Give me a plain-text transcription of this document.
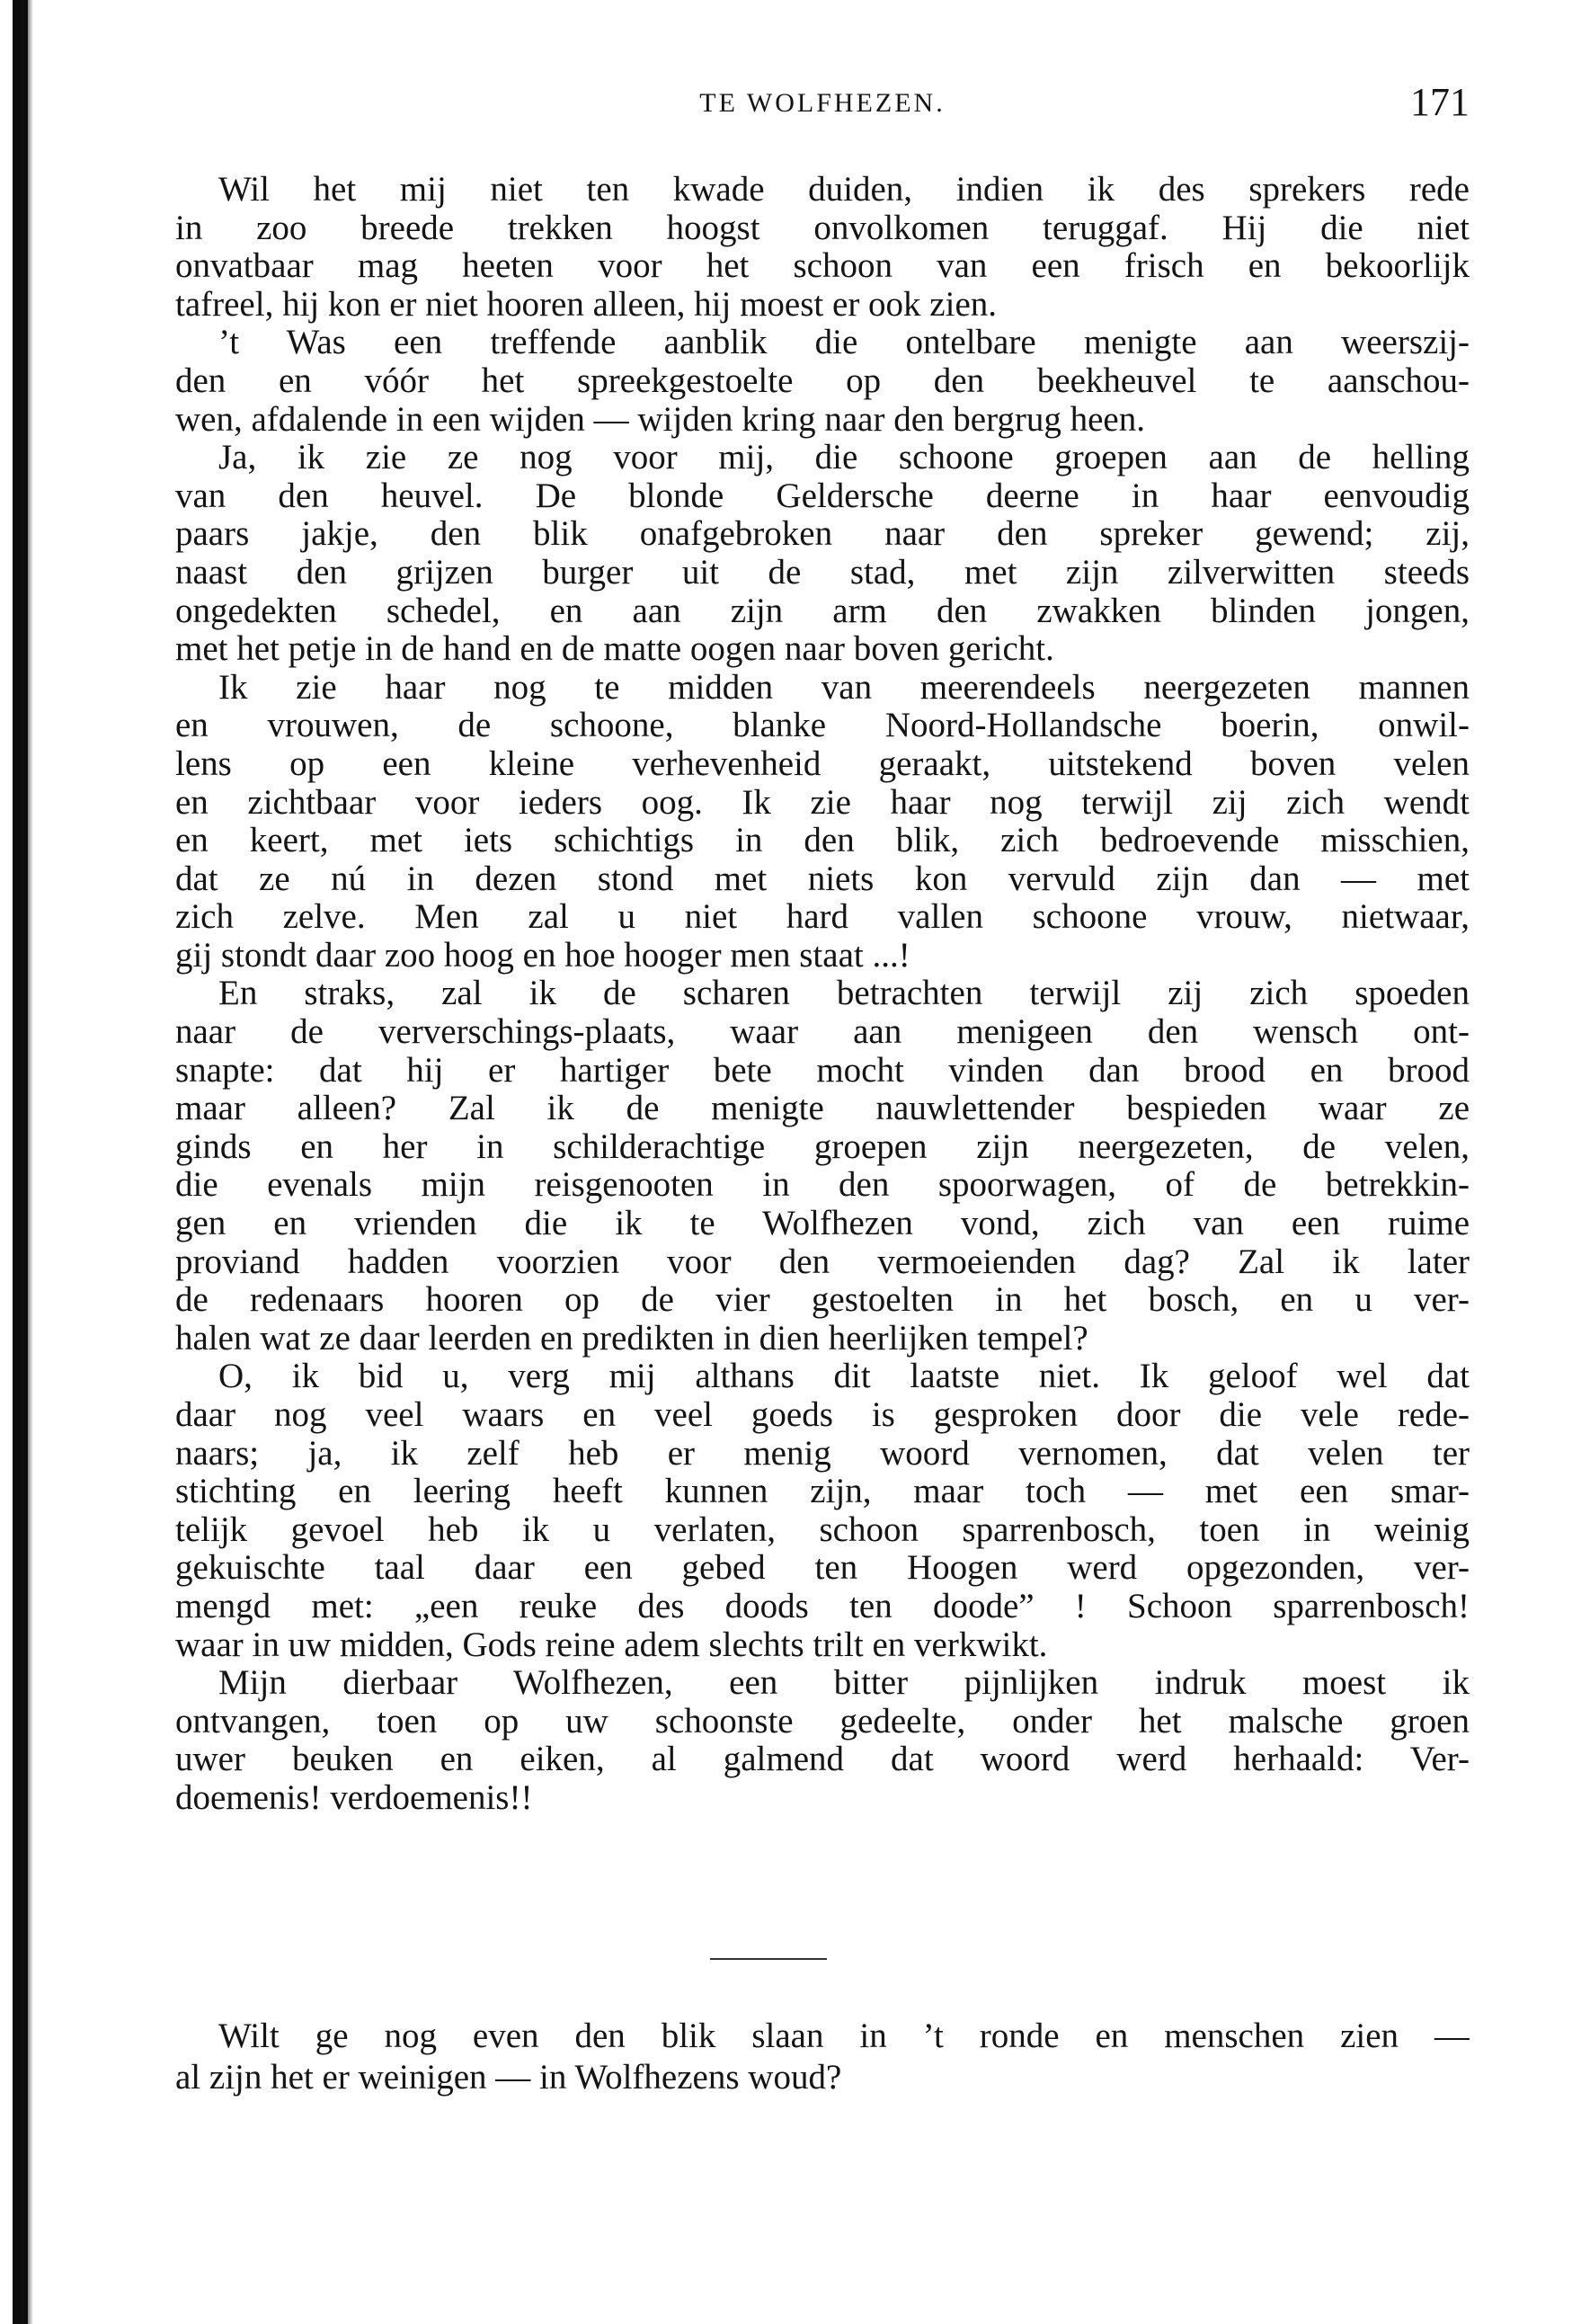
TE WOLFHEZEN.	171
Wil het mij niet ten kwade duiden, indien ik des sprekers rede
in zoo breede trekken hoogst onvolkomen teruggaf. Hij die niet
onvatbaar mag heeten voor het schoon van een frisch en bekoorlijk
tafreel, hij kon er niet hooren alleen, hij moest er ook zien.
’t Was een treffende aanblik die ontelbare menigte aan weerszij-
den en vóór het spreekgestoelte op den beekheuvel te aanschou-
wen, afdalende in een wijden — wijden kring naar den bergrug heen.
Ja, ik zie ze nog voor mij, die schoone groepen aan de helling
van den heuvel. De blonde Geldersche deerne in haar eenvoudig
paars jakje, den blik onafgebroken naar den spreker gewend; zij,
naast den grijzen burger uit de stad, met zijn zilverwitten steeds
ongedekten schedel, en aan zijn arm den zwakken blinden jongen,
met het petje in de hand en de matte oogen naar boven gericht.
Ik zie haar nog te midden van meerendeels neergezeten mannen
en vrouwen, de schoone, blanke Noord-Hollandsche boerin, onwil-
lens op een kleine verhevenheid geraakt, uitstekend boven velen
en zichtbaar voor ieders oog. Ik zie haar nog terwijl zij zich wendt
en keert, met iets schichtigs in den blik, zich bedroevende misschien,
dat ze nú in dezen stond met niets kon vervuld zijn dan — met
zich zelve. Men zal u niet hard vallen schoone vrouw, nietwaar,
gij stondt daar zoo hoog en hoe hooger men staat ...!
En straks, zal ik de scharen betrachten terwijl zij zich spoeden
naar de ververschings-plaats, waar aan menigeen den wensch ont-
snapte: dat hij er hartiger bete mocht vinden dan brood en brood
maar alleen? Zal ik de menigte nauwlettender bespieden waar ze
ginds en her in schilderachtige groepen zijn neergezeten, de velen,
die evenals mijn reisgenooten in den spoorwagen, of de betrekkin-
gen en vrienden die ik te Wolfhezen vond, zich van een ruime
proviand hadden voorzien voor den vermoeienden dag? Zal ik later
de redenaars hooren op de vier gestoelten in het bosch, en u ver-
halen wat ze daar leerden en predikten in dien heerlijken tempel?
O, ik bid u, verg mij althans dit laatste niet. Ik geloof wel dat
daar nog veel waars en veel goeds is gesproken door die vele rede-
naars; ja, ik zelf heb er menig woord vernomen, dat velen ter
stichting en leering heeft kunnen zijn, maar toch — met een smar-
telijk gevoel heb ik u verlaten, schoon sparrenbosch, toen in weinig
gekuischte taal daar een gebed ten Hoogen werd opgezonden, ver-
mengd met: „een reuke des doods ten doode” ! Schoon sparrenbosch!
waar in uw midden, Gods reine adem slechts trilt en verkwikt.
Mijn dierbaar Wolfhezen, een bitter pijnlijken indruk moest ik
ontvangen, toen op uw schoonste gedeelte, onder het malsche groen
uwer beuken en eiken, al galmend dat woord werd herhaald: Ver-
doemenis! verdoemenis!!
Wilt ge nog even den blik slaan in ’t ronde en menschen zien —
al zijn het er weinigen — in Wolfhezens woud?
